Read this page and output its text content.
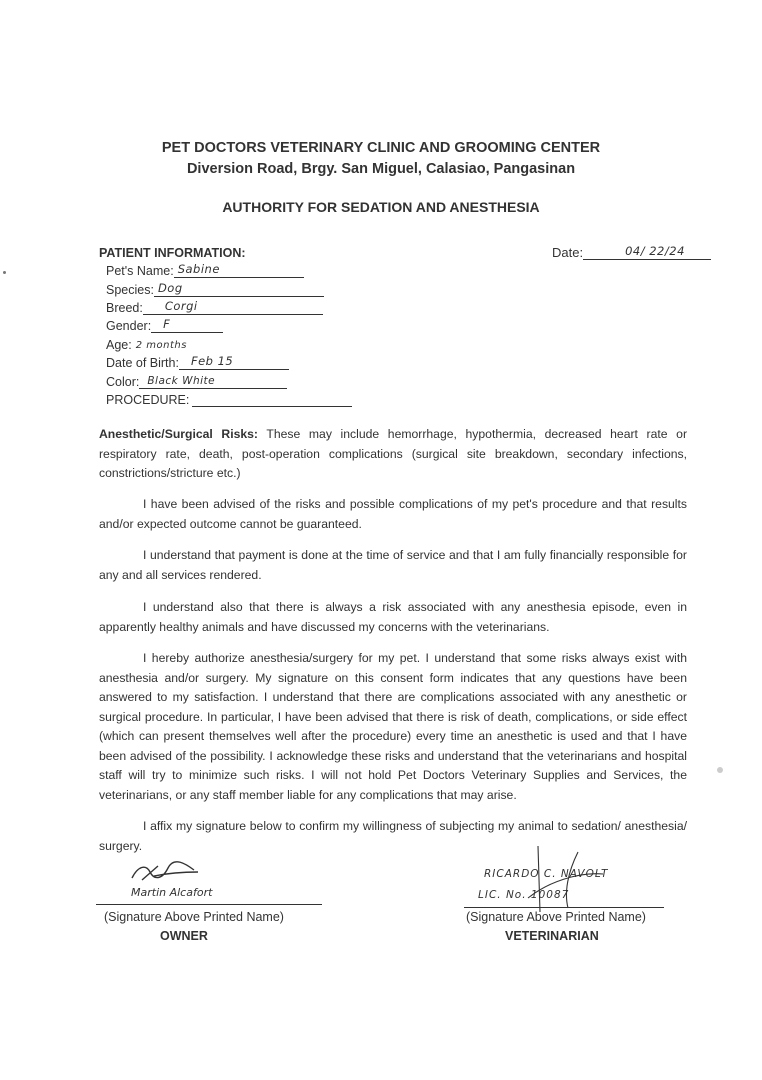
PET DOCTORS VETERINARY CLINIC AND GROOMING CENTER
Diversion Road, Brgy. San Miguel, Calasiao, Pangasinan
AUTHORITY FOR SEDATION AND ANESTHESIA
PATIENT INFORMATION:	Date:	04/ 22/24
Pet's Name: Sabine
Species: Dog
Breed: Corgi
Gender: F
Age: 2 months
Date of Birth: Feb 15
Color: Black White
PROCEDURE:

Anesthetic/Surgical Risks: These may include hemorrhage, hypothermia, decreased heart rate or respiratory rate, death, post-operation complications (surgical site breakdown, secondary infections, constrictions/stricture etc.)

I have been advised of the risks and possible complications of my pet's procedure and that results and/or expected outcome cannot be guaranteed.

I understand that payment is done at the time of service and that I am fully financially responsible for any and all services rendered.

I understand also that there is always a risk associated with any anesthesia episode, even in apparently healthy animals and have discussed my concerns with the veterinarians.

I hereby authorize anesthesia/surgery for my pet. I understand that some risks always exist with anesthesia and/or surgery. My signature on this consent form indicates that any questions have been answered to my satisfaction. I understand that there are complications associated with any anesthetic or surgical procedure. In particular, I have been advised that there is risk of death, complications, or side effect (which can present themselves well after the procedure) every time an anesthetic is used and that I have been advised of the possibility. I acknowledge these risks and understand that the veterinarians and hospital staff will try to minimize such risks. I will not hold Pet Doctors Veterinary Supplies and Services, the veterinarians, or any staff member liable for any complications that may arise.

I affix my signature below to confirm my willingness of subjecting my animal to sedation/ anesthesia/ surgery.

Martin Alcafort
(Signature Above Printed Name)
OWNER
RICARDO C. NAVOLT
LIC. No. 10087
(Signature Above Printed Name)
VETERINARIAN
